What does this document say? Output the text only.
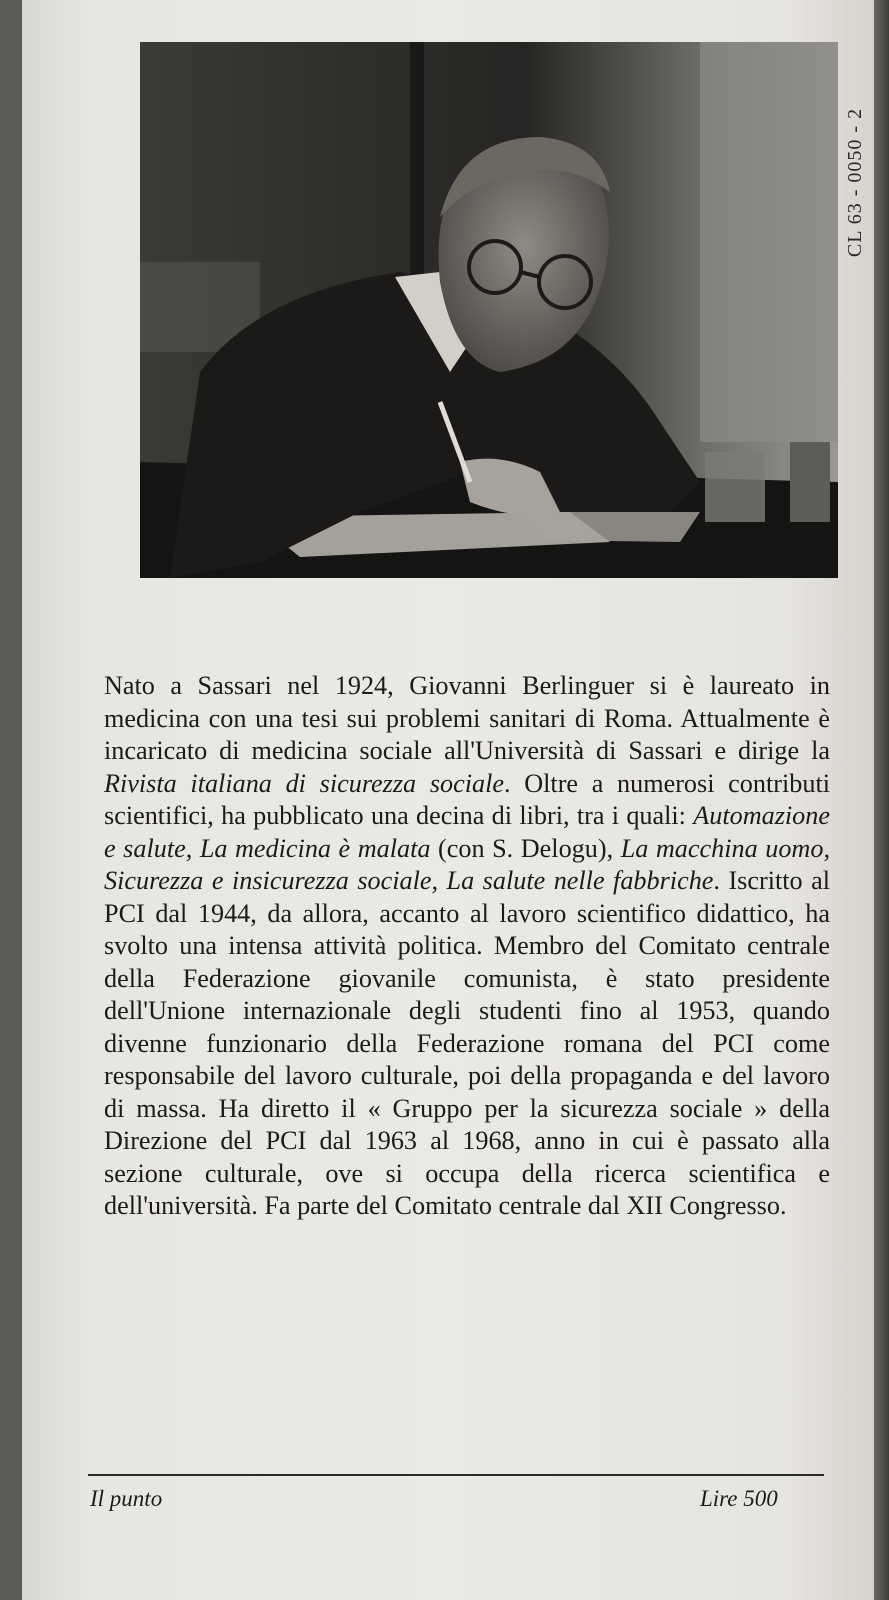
CL 63 - 0050 - 2
Nato a Sassari nel 1924, Giovanni Berlinguer si è laureato in medicina con una tesi sui problemi sanitari di Roma. Attualmente è incaricato di medicina sociale all'Università di Sassari e dirige la Rivista italiana di sicurezza sociale. Oltre a numerosi contributi scientifici, ha pubblicato una decina di libri, tra i quali: Automazione e salute, La medicina è malata (con S. Delogu), La macchina uomo, Sicurezza e insicurezza sociale, La salute nelle fabbriche. Iscritto al PCI dal 1944, da allora, accanto al lavoro scientifico didattico, ha svolto una intensa attività politica. Membro del Comitato centrale della Federazione giovanile comunista, è stato presidente dell'Unione internazionale degli studenti fino al 1953, quando divenne funzionario della Federazione romana del PCI come responsabile del lavoro culturale, poi della propaganda e del lavoro di massa. Ha diretto il « Gruppo per la sicurezza sociale » della Direzione del PCI dal 1963 al 1968, anno in cui è passato alla sezione culturale, ove si occupa della ricerca scientifica e dell'università. Fa parte del Comitato centrale dal XII Congresso.
Il punto	Lire 500
